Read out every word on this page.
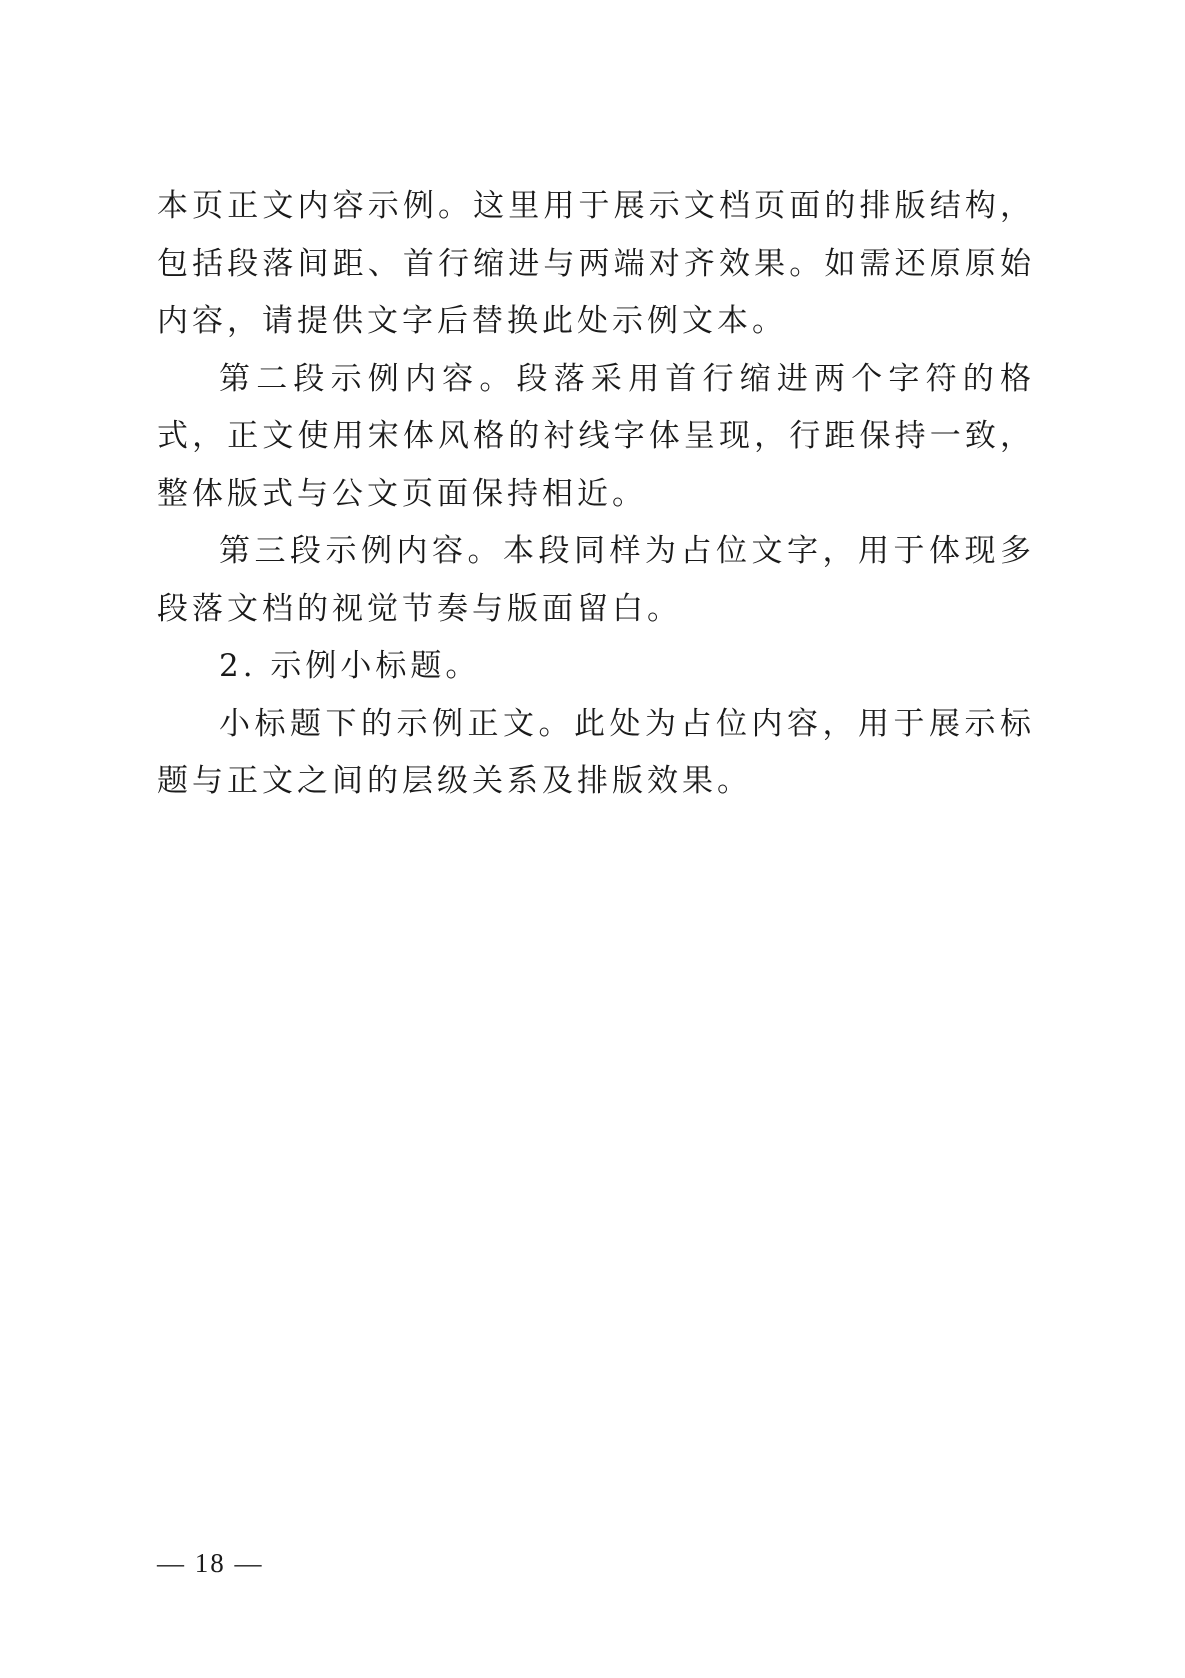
本页正文内容示例。这里用于展示文档页面的排版结构，包括段落间距、首行缩进与两端对齐效果。如需还原原始内容，请提供文字后替换此处示例文本。

第二段示例内容。段落采用首行缩进两个字符的格式，正文使用宋体风格的衬线字体呈现，行距保持一致，整体版式与公文页面保持相近。

第三段示例内容。本段同样为占位文字，用于体现多段落文档的视觉节奏与版面留白。

2. 示例小标题。

小标题下的示例正文。此处为占位内容，用于展示标题与正文之间的层级关系及排版效果。

— 18 —
